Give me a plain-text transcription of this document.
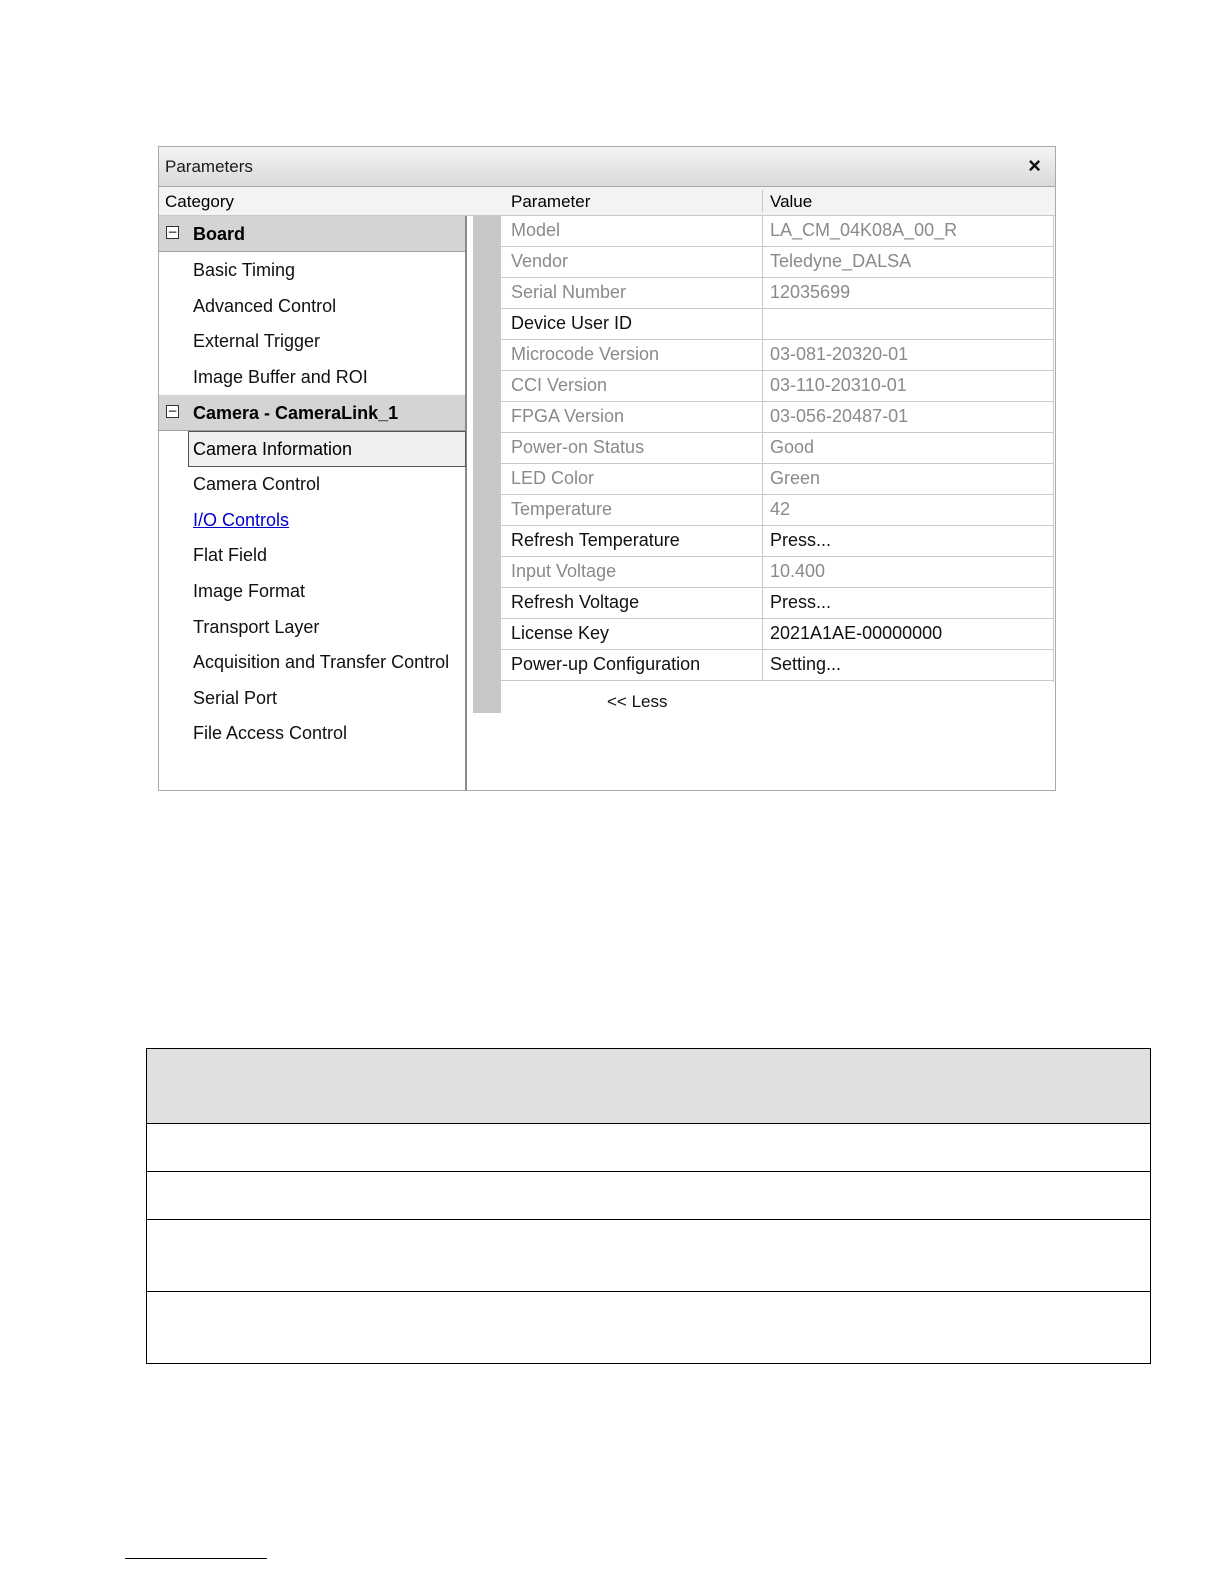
Parameters	×
Category	Parameter	Value
− Board
Basic Timing
Advanced Control
External Trigger
Image Buffer and ROI
− Camera - CameraLink_1
Camera Information
Camera Control
I/O Controls
Flat Field
Image Format
Transport Layer
Acquisition and Transfer Control
Serial Port
File Access Control
Model	LA_CM_04K08A_00_R
Vendor	Teledyne_DALSA
Serial Number	12035699
Device User ID
Microcode Version	03-081-20320-01
CCI Version	03-110-20310-01
FPGA Version	03-056-20487-01
Power-on Status	Good
LED Color	Green
Temperature	42
Refresh Temperature	Press...
Input Voltage	10.400
Refresh Voltage	Press...
License Key	2021A1AE-00000000
Power-up Configuration	Setting...
<< Less
